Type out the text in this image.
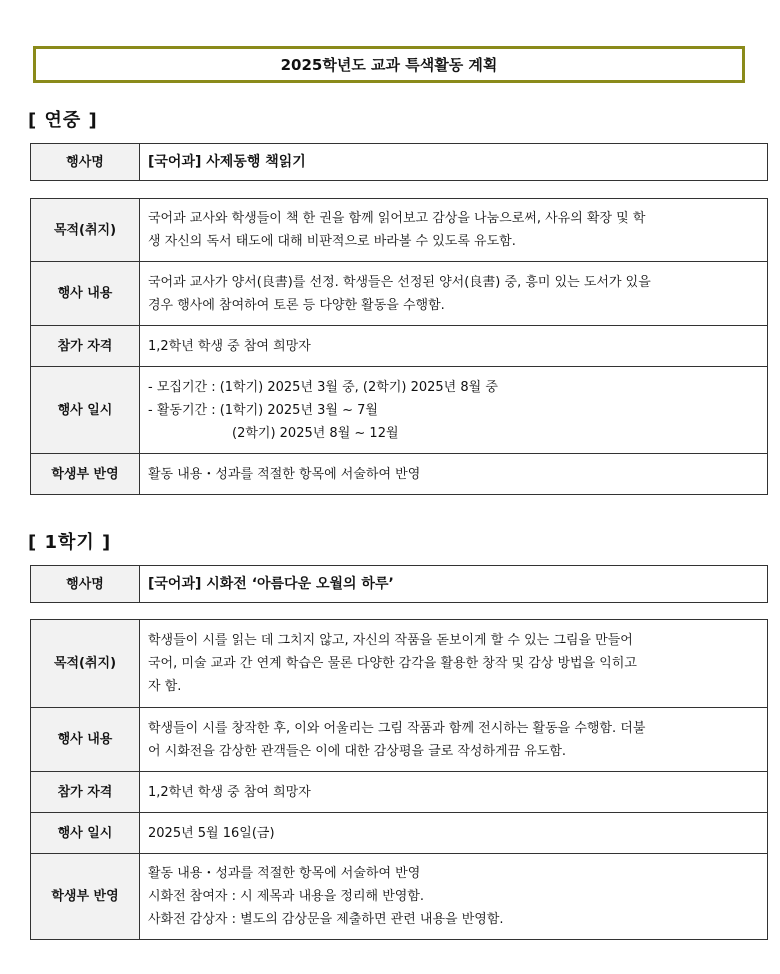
2025학년도 교과 특색활동 계획
[ 연중 ]
행사명	[국어과] 사제동행 책읽기
목적(취지)	국어과 교사와 학생들이 책 한 권을 함께 읽어보고 감상을 나눔으로써, 사유의 확장 및 학
생 자신의 독서 태도에 대해 비판적으로 바라볼 수 있도록 유도함.

행사 내용	국어과 교사가 양서(良書)를 선정. 학생들은 선정된 양서(良書) 중, 흥미 있는 도서가 있을
경우 행사에 참여하여 토론 등 다양한 활동을 수행함.

참가 자격	1,2학년 학생 중 참여 희망자

행사 일시	- 모집기간 : (1학기) 2025년 3월 중, (2학기) 2025년 8월 중
- 활동기간 : (1학기) 2025년 3월 ~ 7월
(2학기) 2025년 8월 ~ 12월

학생부 반영	활동 내용・성과를 적절한 항목에 서술하여 반영
[ 1학기 ]
행사명	[국어과] 시화전 ‘아름다운 오월의 하루’
목적(취지)	학생들이 시를 읽는 데 그치지 않고, 자신의 작품을 돋보이게 할 수 있는 그림을 만들어
국어, 미술 교과 간 연계 학습은 물론 다양한 감각을 활용한 창작 및 감상 방법을 익히고
자 함.

행사 내용	학생들이 시를 창작한 후, 이와 어울리는 그림 작품과 함께 전시하는 활동을 수행함. 더불
어 시화전을 감상한 관객들은 이에 대한 감상평을 글로 작성하게끔 유도함.

참가 자격	1,2학년 학생 중 참여 희망자

행사 일시	2025년 5월 16일(금)

학생부 반영	활동 내용・성과를 적절한 항목에 서술하여 반영
시화전 참여자 : 시 제목과 내용을 정리해 반영함.
사화전 감상자 : 별도의 감상문을 제출하면 관련 내용을 반영함.
